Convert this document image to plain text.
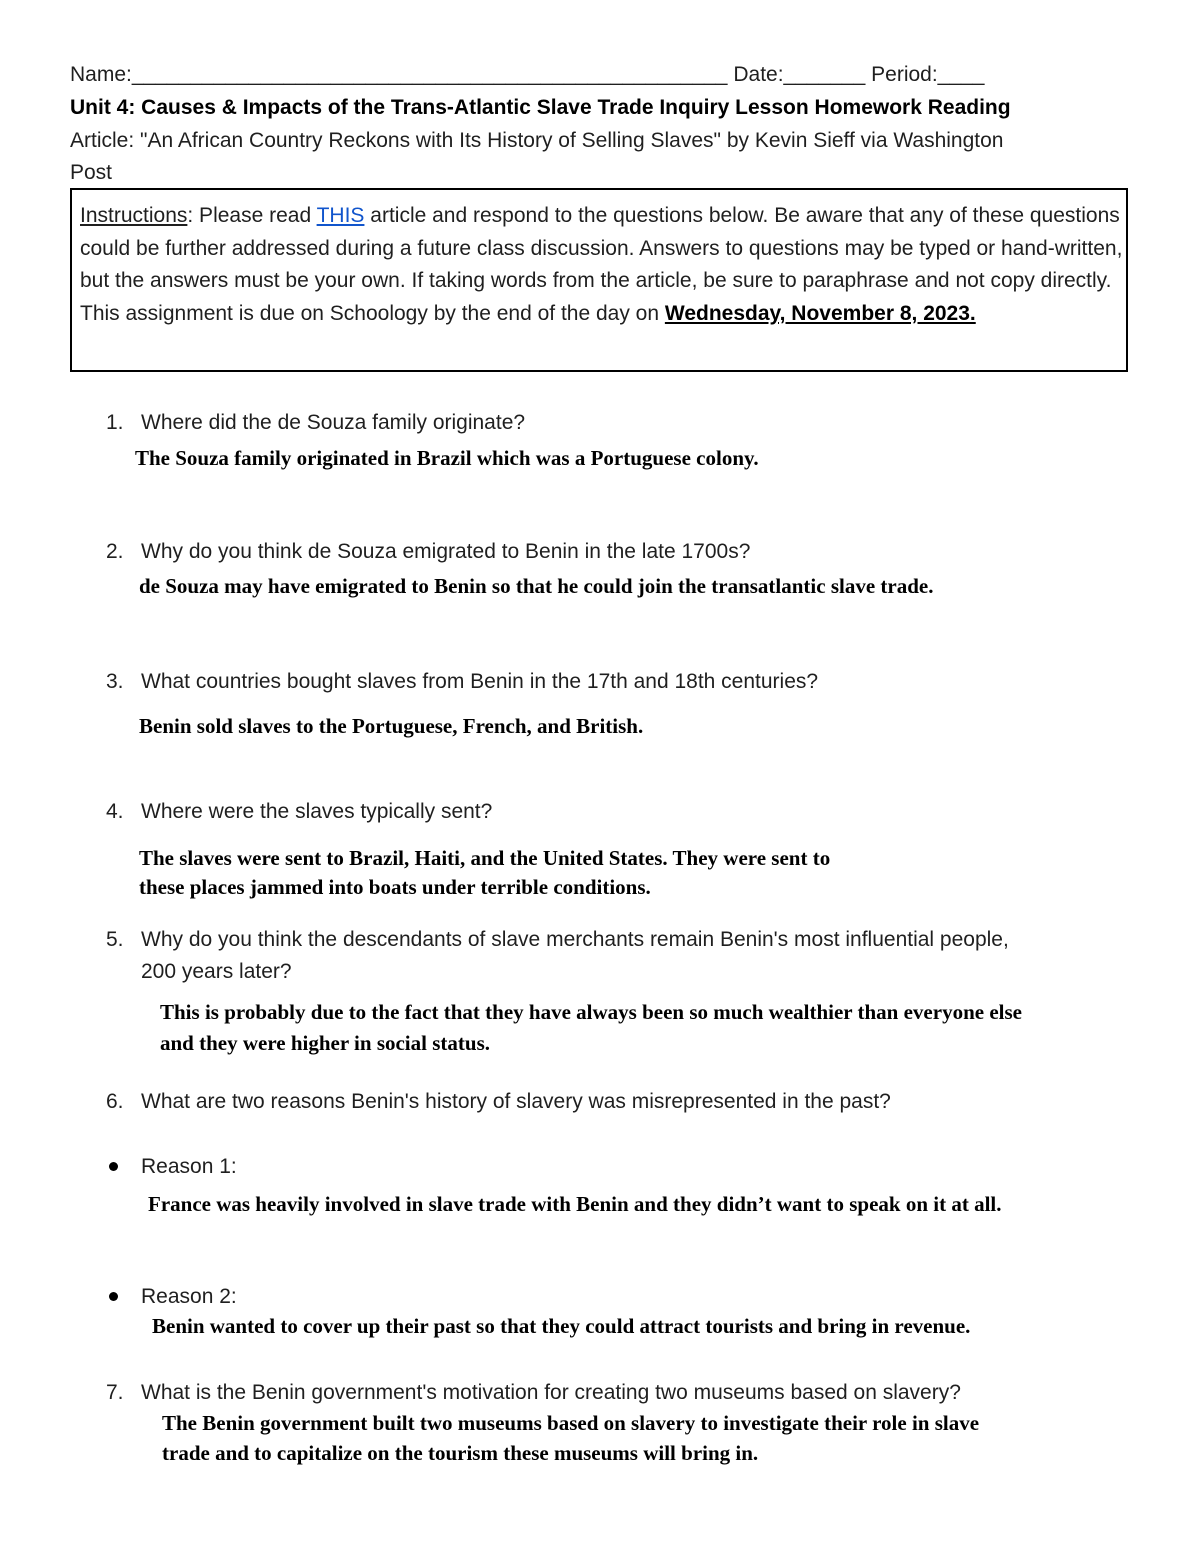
Name:___________________________________________________ Date:_______ Period:____
Unit 4: Causes & Impacts of the Trans-Atlantic Slave Trade Inquiry Lesson Homework Reading
Article: "An African Country Reckons with Its History of Selling Slaves" by Kevin Sieff via Washington
Post
Instructions: Please read THIS article and respond to the questions below. Be aware that any of these questions could be further addressed during a future class discussion. Answers to questions may be typed or hand-written, but the answers must be your own. If taking words from the article, be sure to paraphrase and not copy directly. This assignment is due on Schoology by the end of the day on Wednesday, November 8, 2023.
1. Where did the de Souza family originate?
The Souza family originated in Brazil which was a Portuguese colony.
2. Why do you think de Souza emigrated to Benin in the late 1700s?
de Souza may have emigrated to Benin so that he could join the transatlantic slave trade.
3. What countries bought slaves from Benin in the 17th and 18th centuries?
Benin sold slaves to the Portuguese, French, and British.
4. Where were the slaves typically sent?
The slaves were sent to Brazil, Haiti, and the United States. They were sent to
these places jammed into boats under terrible conditions.
5. Why do you think the descendants of slave merchants remain Benin's most influential people,
200 years later?
This is probably due to the fact that they have always been so much wealthier than everyone else
and they were higher in social status.
6. What are two reasons Benin's history of slavery was misrepresented in the past?
Reason 1:
France was heavily involved in slave trade with Benin and they didn’t want to speak on it at all.
Reason 2:
Benin wanted to cover up their past so that they could attract tourists and bring in revenue.
7. What is the Benin government's motivation for creating two museums based on slavery?
The Benin government built two museums based on slavery to investigate their role in slave
trade and to capitalize on the tourism these museums will bring in.
